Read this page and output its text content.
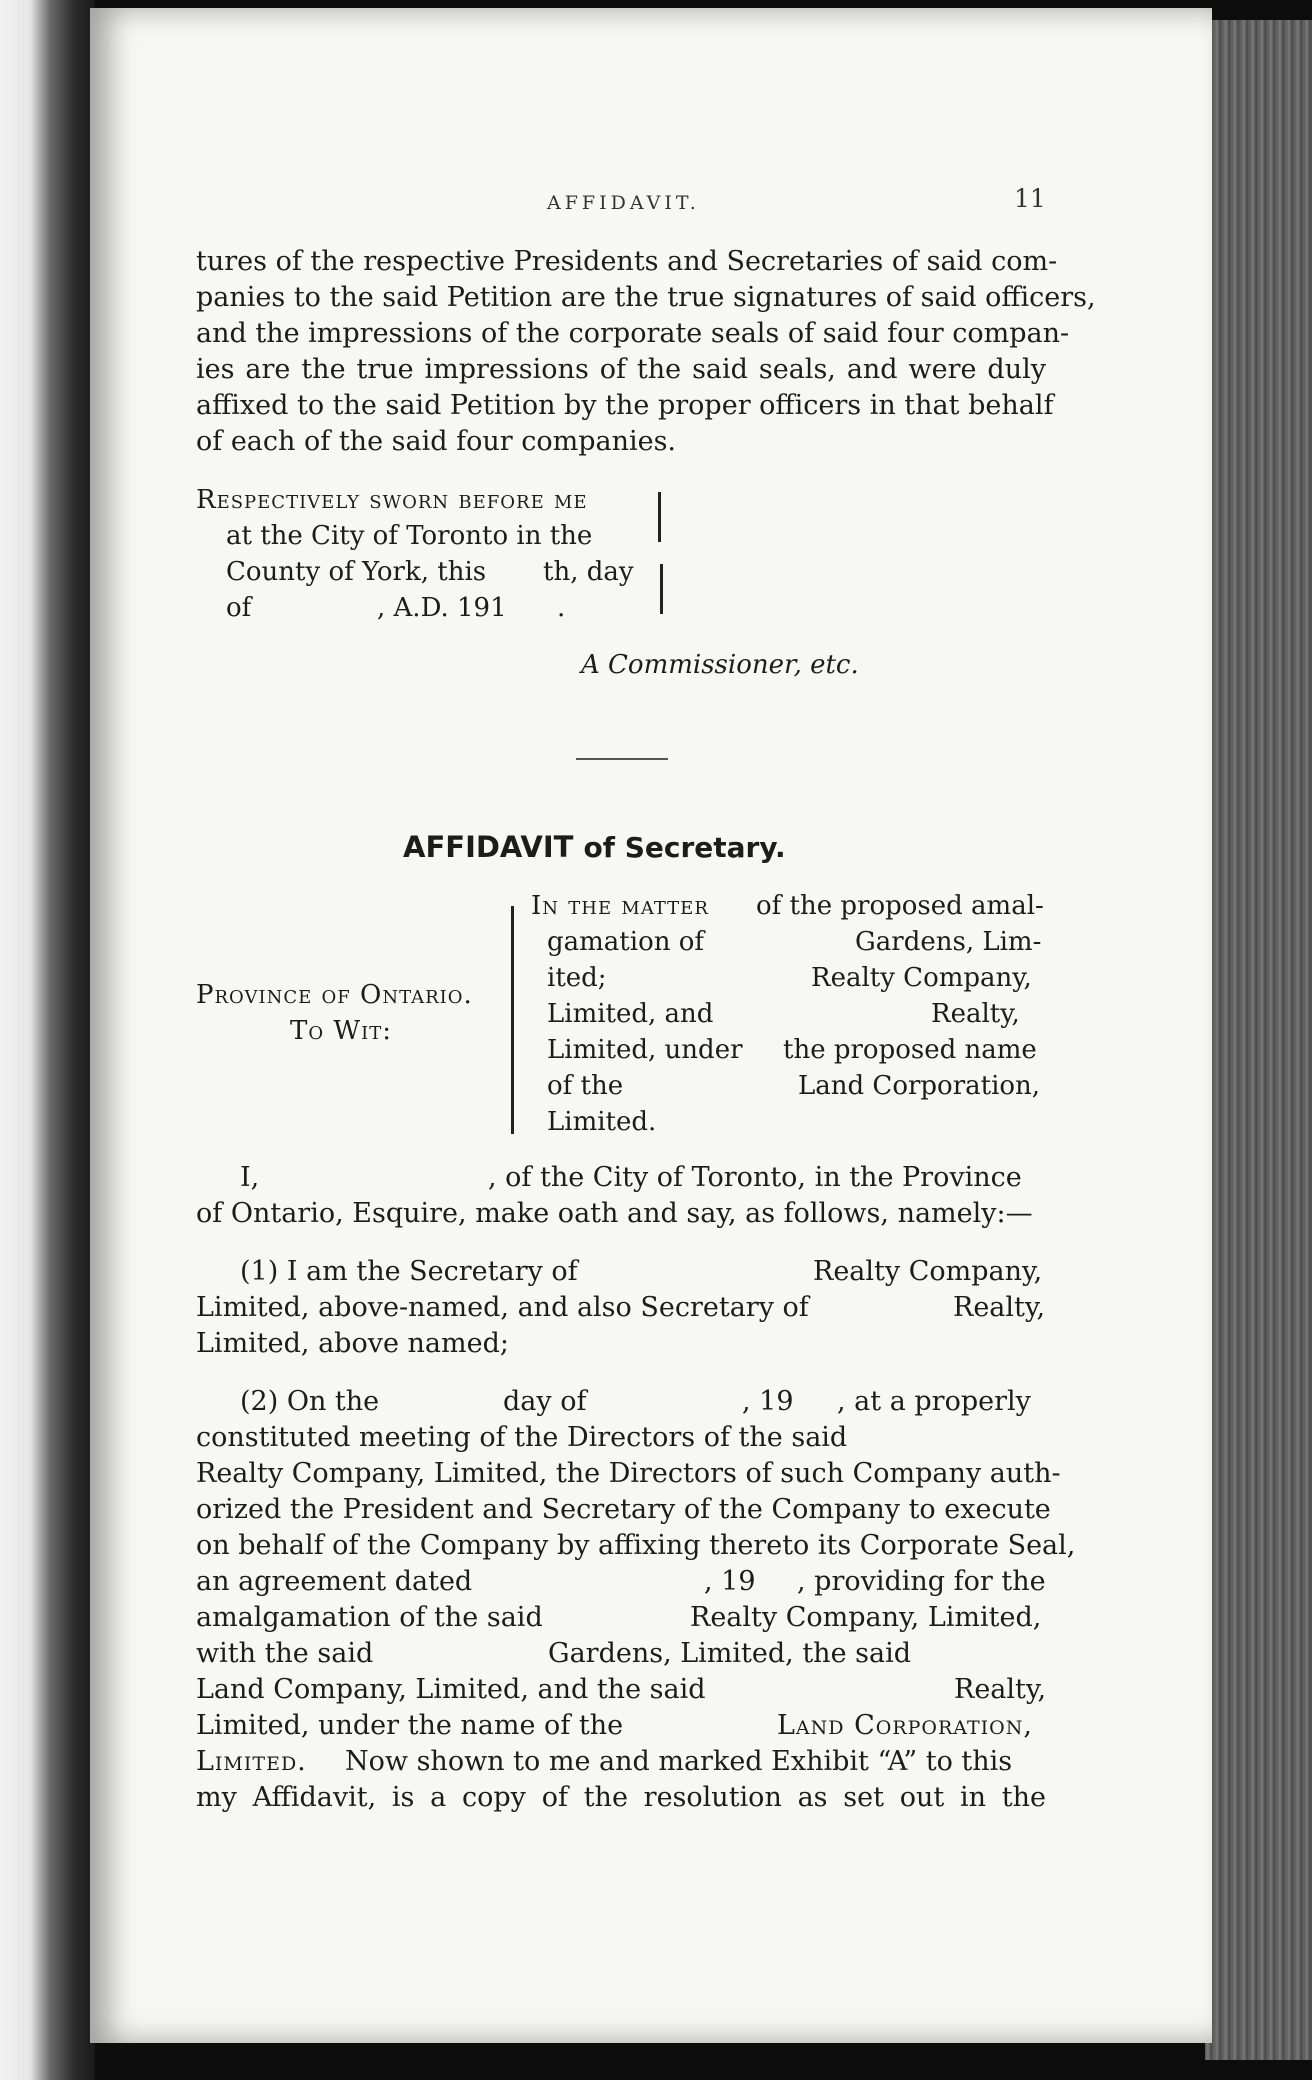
AFFIDAVIT.	11
tures of the respective Presidents and Secretaries of said com-
panies to the said Petition are the true signatures of said officers,
and the impressions of the corporate seals of said four compan-
ies are the true impressions of the said seals, and were duly
affixed to the said Petition by the proper officers in that behalf
of each of the said four companies.
Respectively sworn before me
at the City of Toronto in the
County of York, this th, day
of	, A.D. 191 .
A Commissioner, etc.
AFFIDAVIT of Secretary.
Province of Ontario.
To Wit:
In the matter of the proposed amal-
gamation of	Gardens, Lim-
ited;	Realty Company,
Limited, and	Realty,
Limited, under the proposed name
of the	Land Corporation,
Limited.
I,	, of the City of Toronto, in the Province
of Ontario, Esquire, make oath and say, as follows, namely:—
(1) I am the Secretary of	Realty Company,
Limited, above-named, and also Secretary of	Realty,
Limited, above named;
(2) On the	day of	, 19 , at a properly
constituted meeting of the Directors of the said
Realty Company, Limited, the Directors of such Company auth-
orized the President and Secretary of the Company to execute
on behalf of the Company by affixing thereto its Corporate Seal,
an agreement dated	, 19 , providing for the
amalgamation of the said	Realty Company, Limited,
with the said	Gardens, Limited, the said
Land Company, Limited, and the said	Realty,
Limited, under the name of the	Land Corporation,
Limited. Now shown to me and marked Exhibit “A” to this
my Affidavit, is a copy of the resolution as set out in the
